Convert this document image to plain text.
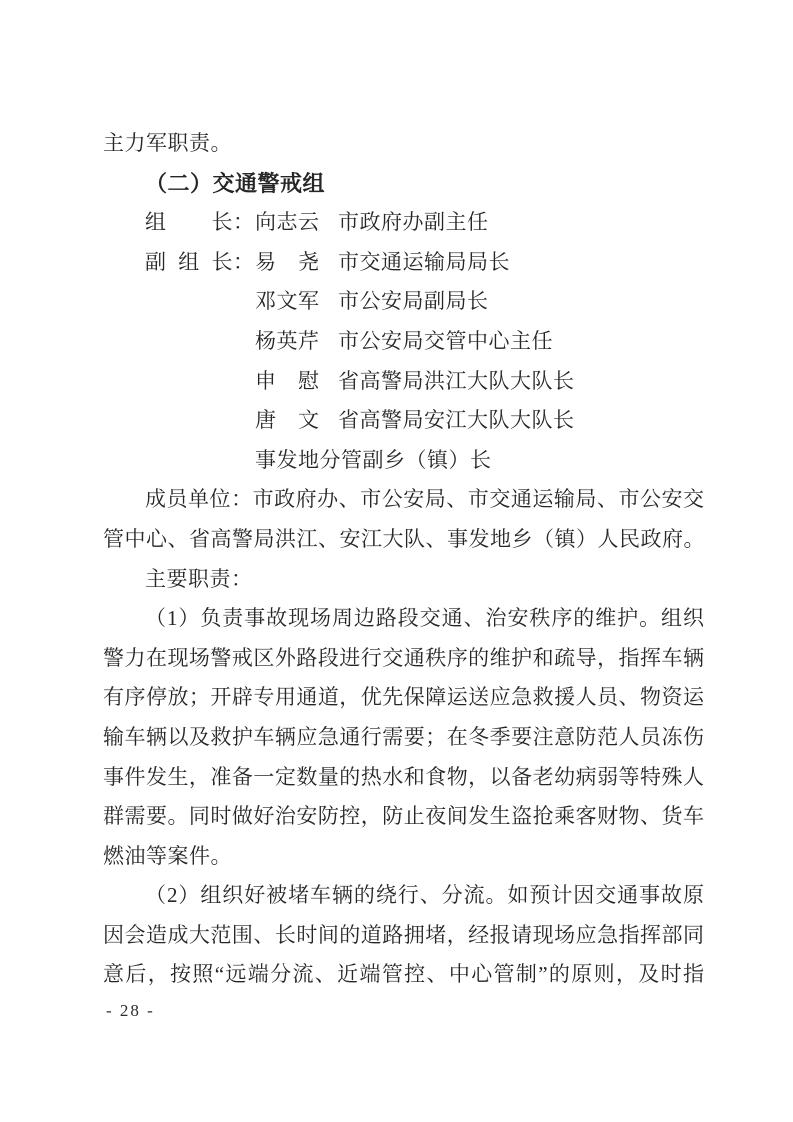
主力军职责。
（二）交通警戒组
组长：向志云 市政府办副主任
副组长：易　尧 市交通运输局局长
邓文军 市公安局副局长
杨英芹 市公安局交管中心主任
申　慰 省高警局洪江大队大队长
唐　文 省高警局安江大队大队长
事发地分管副乡（镇）长
成员单位：市政府办、市公安局、市交通运输局、市公安交
管中心、省高警局洪江、安江大队、事发地乡（镇）人民政府。
主要职责：
（1）负责事故现场周边路段交通、治安秩序的维护。组织
警力在现场警戒区外路段进行交通秩序的维护和疏导，指挥车辆
有序停放；开辟专用通道，优先保障运送应急救援人员、物资运
输车辆以及救护车辆应急通行需要；在冬季要注意防范人员冻伤
事件发生，准备一定数量的热水和食物，以备老幼病弱等特殊人
群需要。同时做好治安防控，防止夜间发生盗抢乘客财物、货车
燃油等案件。
（2）组织好被堵车辆的绕行、分流。如预计因交通事故原
因会造成大范围、长时间的道路拥堵，经报请现场应急指挥部同
意后，按照“远端分流、近端管控、中心管制”的原则，及时指
- 28 -
